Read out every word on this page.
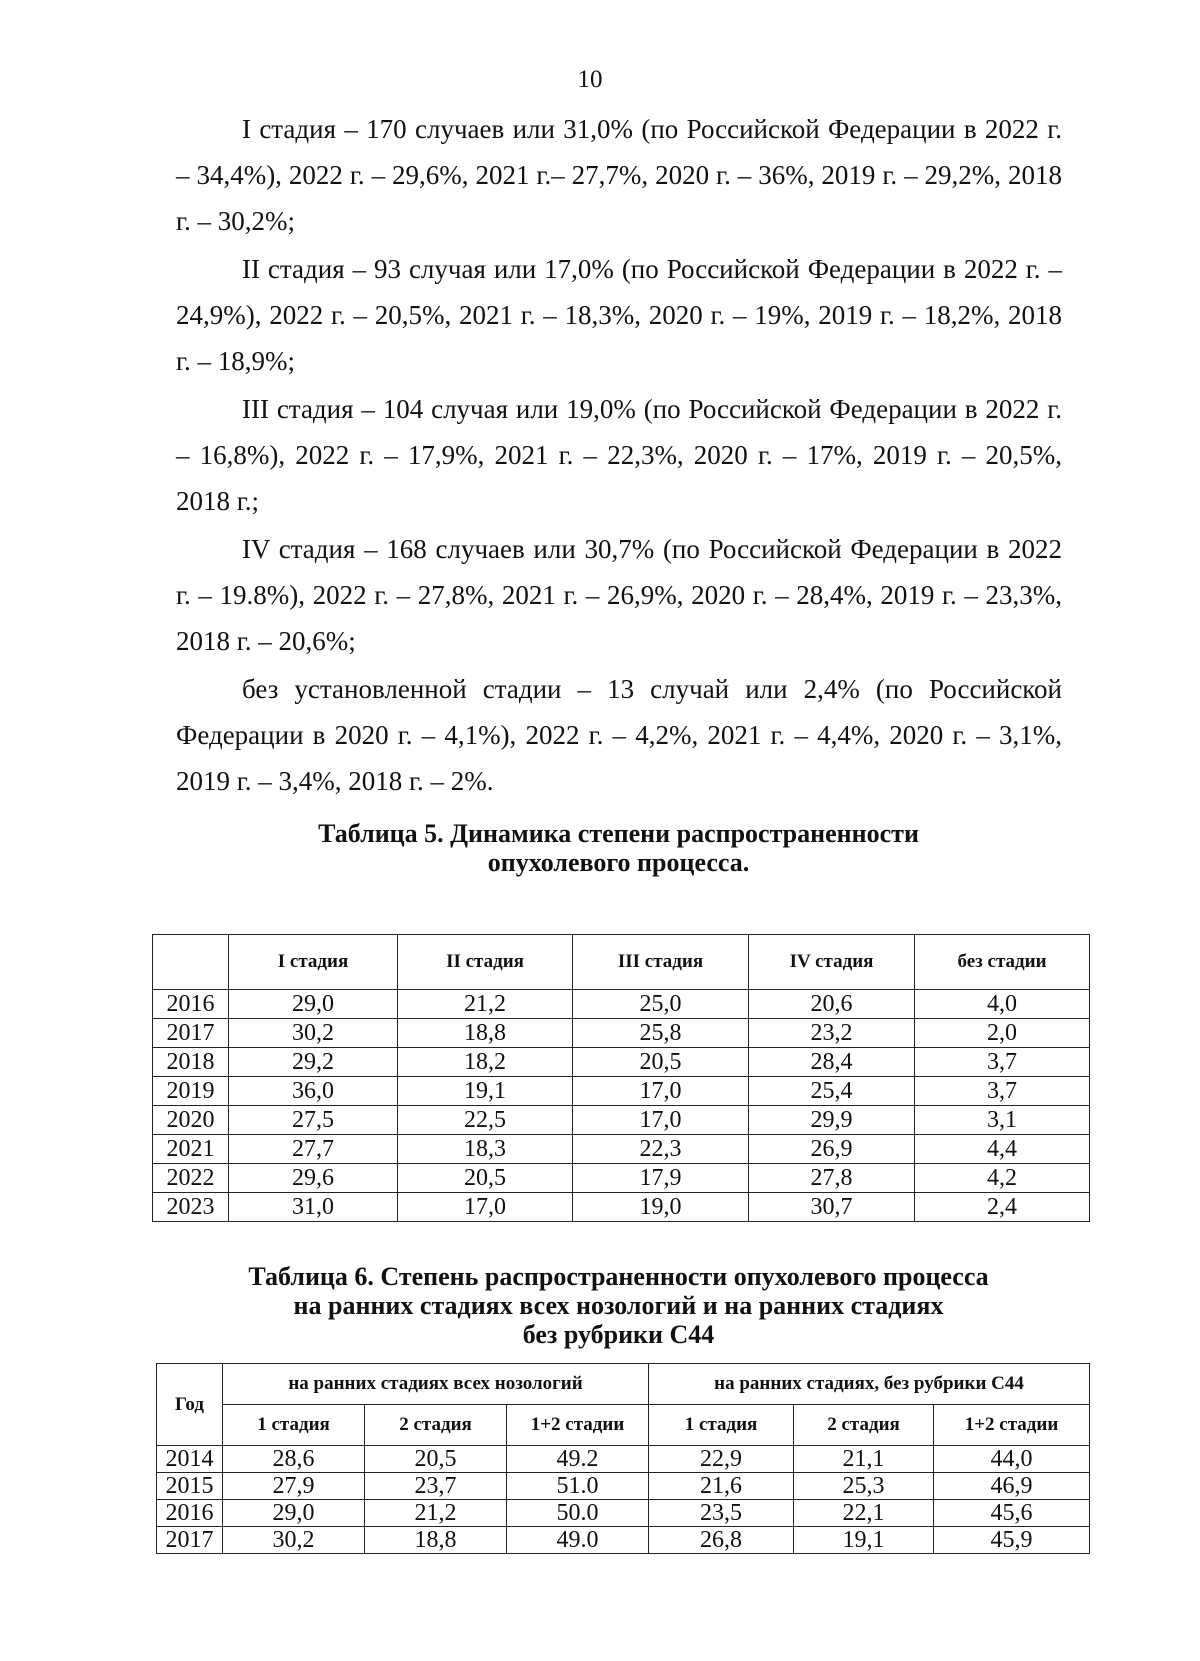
10

I стадия – 170 случаев или 31,0% (по Российской Федерации в 2022 г. – 34,4%), 2022 г. – 29,6%, 2021 г.– 27,7%, 2020 г. – 36%, 2019 г. – 29,2%, 2018 г. – 30,2%;

II стадия – 93 случая или 17,0% (по Российской Федерации в 2022 г. – 24,9%), 2022 г. – 20,5%, 2021 г. – 18,3%, 2020 г. – 19%, 2019 г. – 18,2%, 2018 г. – 18,9%;

III стадия – 104 случая или 19,0% (по Российской Федерации в 2022 г. – 16,8%), 2022 г. – 17,9%, 2021 г. – 22,3%, 2020 г. – 17%, 2019 г. – 20,5%, 2018 г.;

IV стадия – 168 случаев или 30,7% (по Российской Федерации в 2022 г. – 19.8%), 2022 г. – 27,8%, 2021 г. – 26,9%, 2020 г. – 28,4%, 2019 г. – 23,3%, 2018 г. – 20,6%;

без установленной стадии – 13 случай или 2,4% (по Российской Федерации в 2020 г. – 4,1%), 2022 г. – 4,2%, 2021 г. – 4,4%, 2020 г. – 3,1%, 2019 г. – 3,4%, 2018 г. – 2%.

Таблица 5. Динамика степени распространенности
опухолевого процесса.
	I стадия	II стадия	III стадия	IV стадия	без стадии
2016	29,0	21,2	25,0	20,6	4,0
2017	30,2	18,8	25,8	23,2	2,0
2018	29,2	18,2	20,5	28,4	3,7
2019	36,0	19,1	17,0	25,4	3,7
2020	27,5	22,5	17,0	29,9	3,1
2021	27,7	18,3	22,3	26,9	4,4
2022	29,6	20,5	17,9	27,8	4,2
2023	31,0	17,0	19,0	30,7	2,4
Таблица 6. Степень распространенности опухолевого процесса
на ранних стадиях всех нозологий и на ранних стадиях
без рубрики С44
Год	на ранних стадиях всех нозологий			на ранних стадиях, без рубрики С44		
	1 стадия	2 стадия	1+2 стадии	1 стадия	2 стадия	1+2 стадии
2014	28,6	20,5	49.2	22,9	21,1	44,0
2015	27,9	23,7	51.0	21,6	25,3	46,9
2016	29,0	21,2	50.0	23,5	22,1	45,6
2017	30,2	18,8	49.0	26,8	19,1	45,9
